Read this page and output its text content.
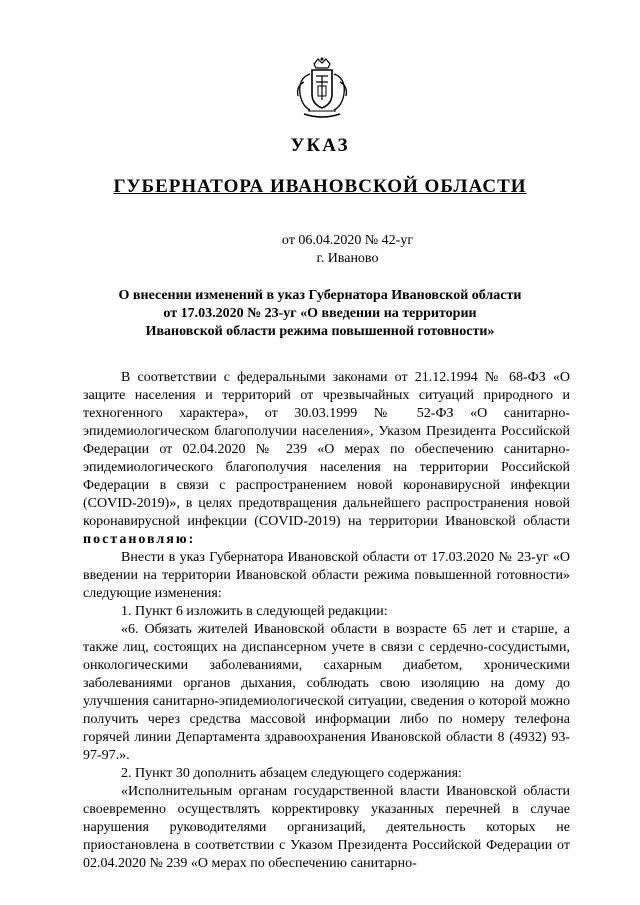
УКАЗ
ГУБЕРНАТОРА ИВАНОВСКОЙ ОБЛАСТИ
от 06.04.2020 № 42-уг
г. Иваново
О внесении изменений в указ Губернатора Ивановской области
от 17.03.2020 № 23-уг «О введении на территории
Ивановской области режима повышенной готовности»

В соответствии с федеральными законами от 21.12.1994 № 68-ФЗ «О защите населения и территорий от чрезвычайных ситуаций природного и техногенного характера», от 30.03.1999 № 52-ФЗ «О санитарно-эпидемиологическом благополучии населения», Указом Президента Российской Федерации от 02.04.2020 № 239 «О мерах по обеспечению санитарно-эпидемиологического благополучия населения на территории Российской Федерации в связи с распространением новой коронавирусной инфекции (COVID-2019)», в целях предотвращения дальнейшего распространения новой коронавирусной инфекции (COVID-2019) на территории Ивановской области постановляю:

Внести в указ Губернатора Ивановской области от 17.03.2020 № 23-уг «О введении на территории Ивановской области режима повышенной готовности» следующие изменения:

1. Пункт 6 изложить в следующей редакции:

«6. Обязать жителей Ивановской области в возрасте 65 лет и старше, а также лиц, состоящих на диспансерном учете в связи с сердечно-сосудистыми, онкологическими заболеваниями, сахарным диабетом, хроническими заболеваниями органов дыхания, соблюдать свою изоляцию на дому до улучшения санитарно-эпидемиологической ситуации, сведения о которой можно получить через средства массовой информации либо по номеру телефона горячей линии Департамента здравоохранения Ивановской области 8 (4932) 93-97-97.».

2. Пункт 30 дополнить абзацем следующего содержания:

«Исполнительным органам государственной власти Ивановской области своевременно осуществлять корректировку указанных перечней в случае нарушения руководителями организаций, деятельность которых не приостановлена в соответствии с Указом Президента Российской Федерации от 02.04.2020 № 239 «О мерах по обеспечению санитарно-
